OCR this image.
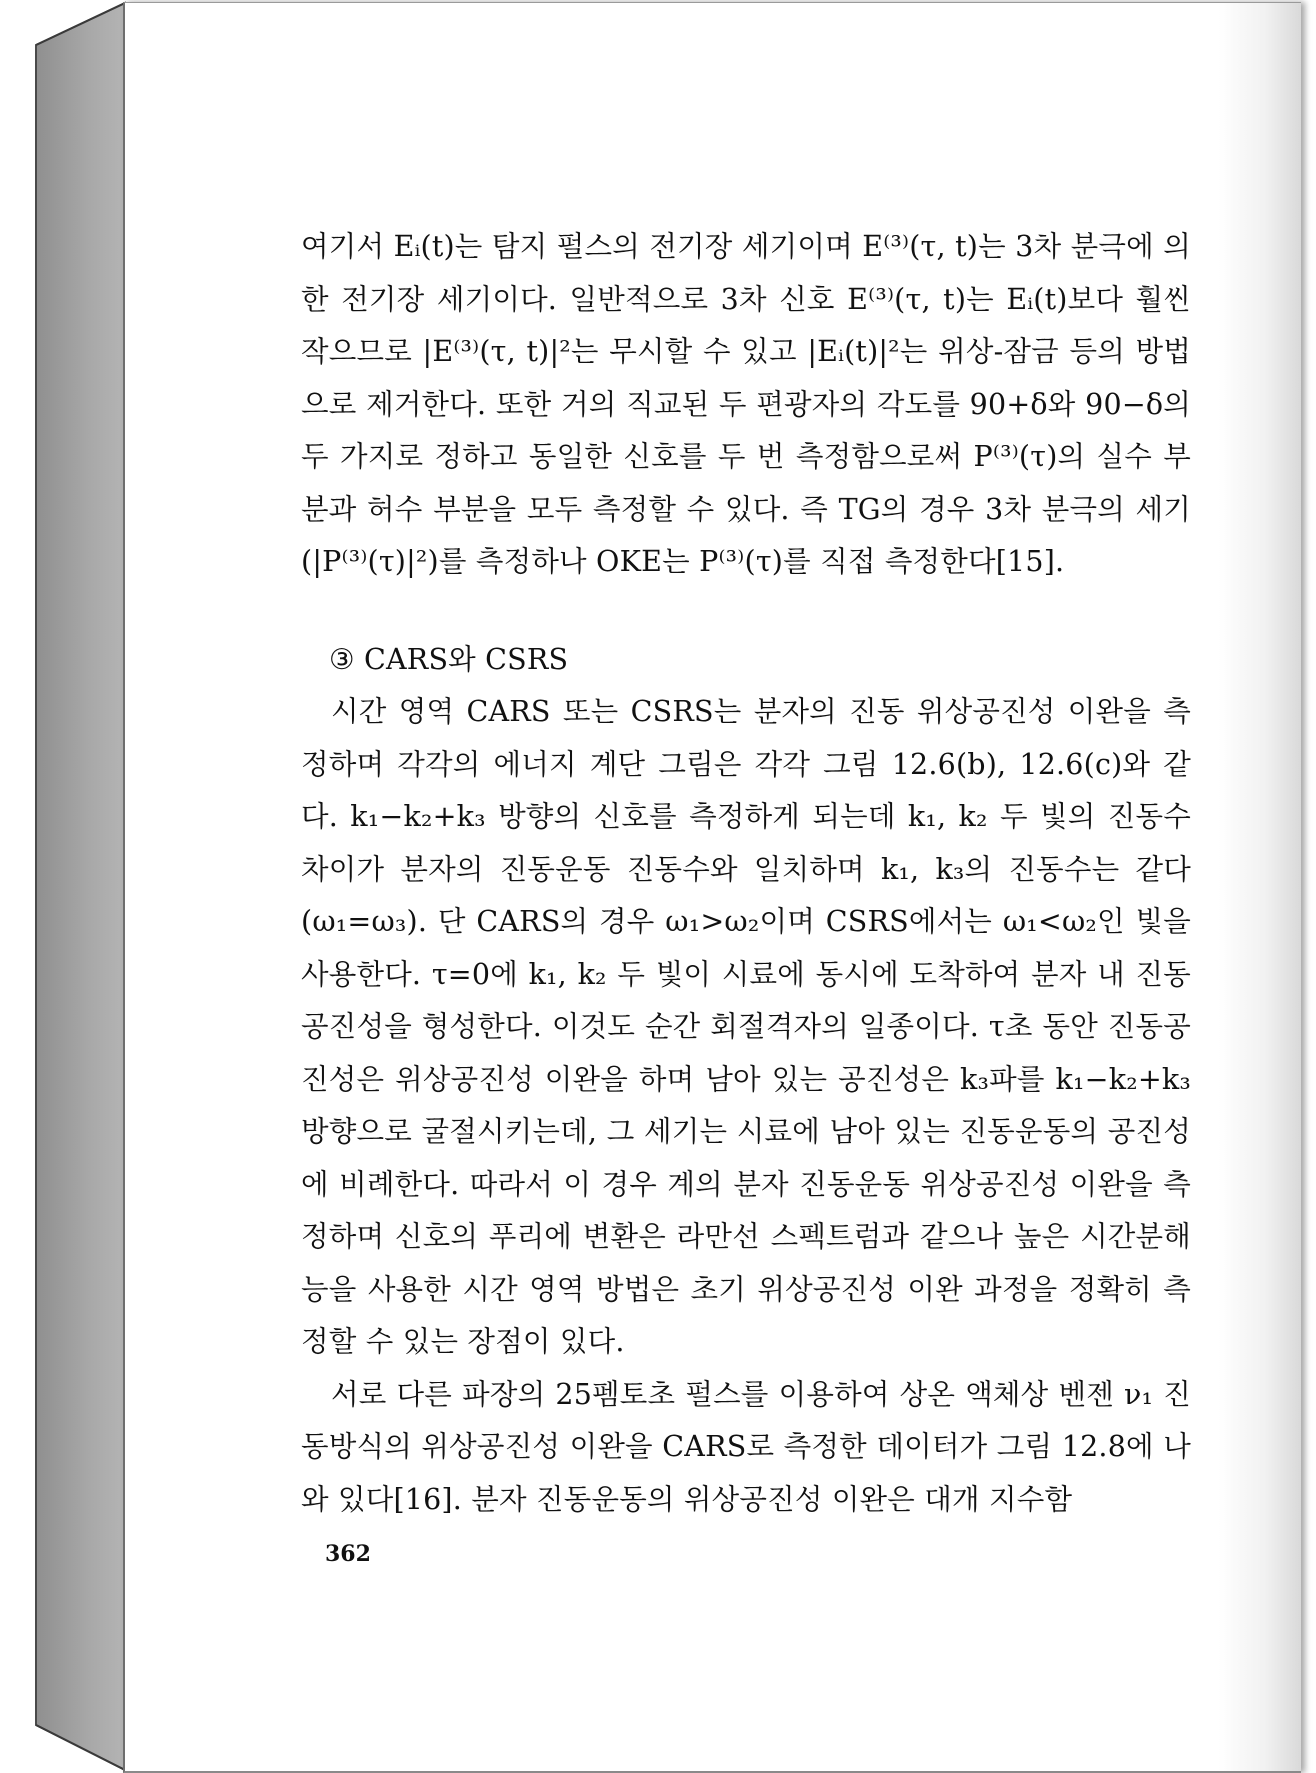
여기서 Eᵢ(t)는 탐지 펄스의 전기장 세기이며 E⁽³⁾(τ, t)는 3차 분극에 의한 전기장 세기이다. 일반적으로 3차 신호 E⁽³⁾(τ, t)는 Eᵢ(t)보다 훨씬 작으므로 |E⁽³⁾(τ, t)|²는 무시할 수 있고 |Eᵢ(t)|²는 위상-잠금 등의 방법으로 제거한다. 또한 거의 직교된 두 편광자의 각도를 90+δ와 90−δ의 두 가지로 정하고 동일한 신호를 두 번 측정함으로써 P⁽³⁾(τ)의 실수 부분과 허수 부분을 모두 측정할 수 있다. 즉 TG의 경우 3차 분극의 세기(|P⁽³⁾(τ)|²)를 측정하나 OKE는 P⁽³⁾(τ)를 직접 측정한다[15].

③ CARS와 CSRS

시간 영역 CARS 또는 CSRS는 분자의 진동 위상공진성 이완을 측정하며 각각의 에너지 계단 그림은 각각 그림 12.6(b), 12.6(c)와 같다. k₁−k₂+k₃ 방향의 신호를 측정하게 되는데 k₁, k₂ 두 빛의 진동수 차이가 분자의 진동운동 진동수와 일치하며 k₁, k₃의 진동수는 같다(ω₁=ω₃). 단 CARS의 경우 ω₁>ω₂이며 CSRS에서는 ω₁<ω₂인 빛을 사용한다. τ=0에 k₁, k₂ 두 빛이 시료에 동시에 도착하여 분자 내 진동공진성을 형성한다. 이것도 순간 회절격자의 일종이다. τ초 동안 진동공진성은 위상공진성 이완을 하며 남아 있는 공진성은 k₃파를 k₁−k₂+k₃ 방향으로 굴절시키는데, 그 세기는 시료에 남아 있는 진동운동의 공진성에 비례한다. 따라서 이 경우 계의 분자 진동운동 위상공진성 이완을 측정하며 신호의 푸리에 변환은 라만선 스펙트럼과 같으나 높은 시간분해능을 사용한 시간 영역 방법은 초기 위상공진성 이완 과정을 정확히 측정할 수 있는 장점이 있다.

서로 다른 파장의 25펨토초 펄스를 이용하여 상온 액체상 벤젠 ν₁ 진동방식의 위상공진성 이완을 CARS로 측정한 데이터가 그림 12.8에 나와 있다[16]. 분자 진동운동의 위상공진성 이완은 대개 지수함

362
